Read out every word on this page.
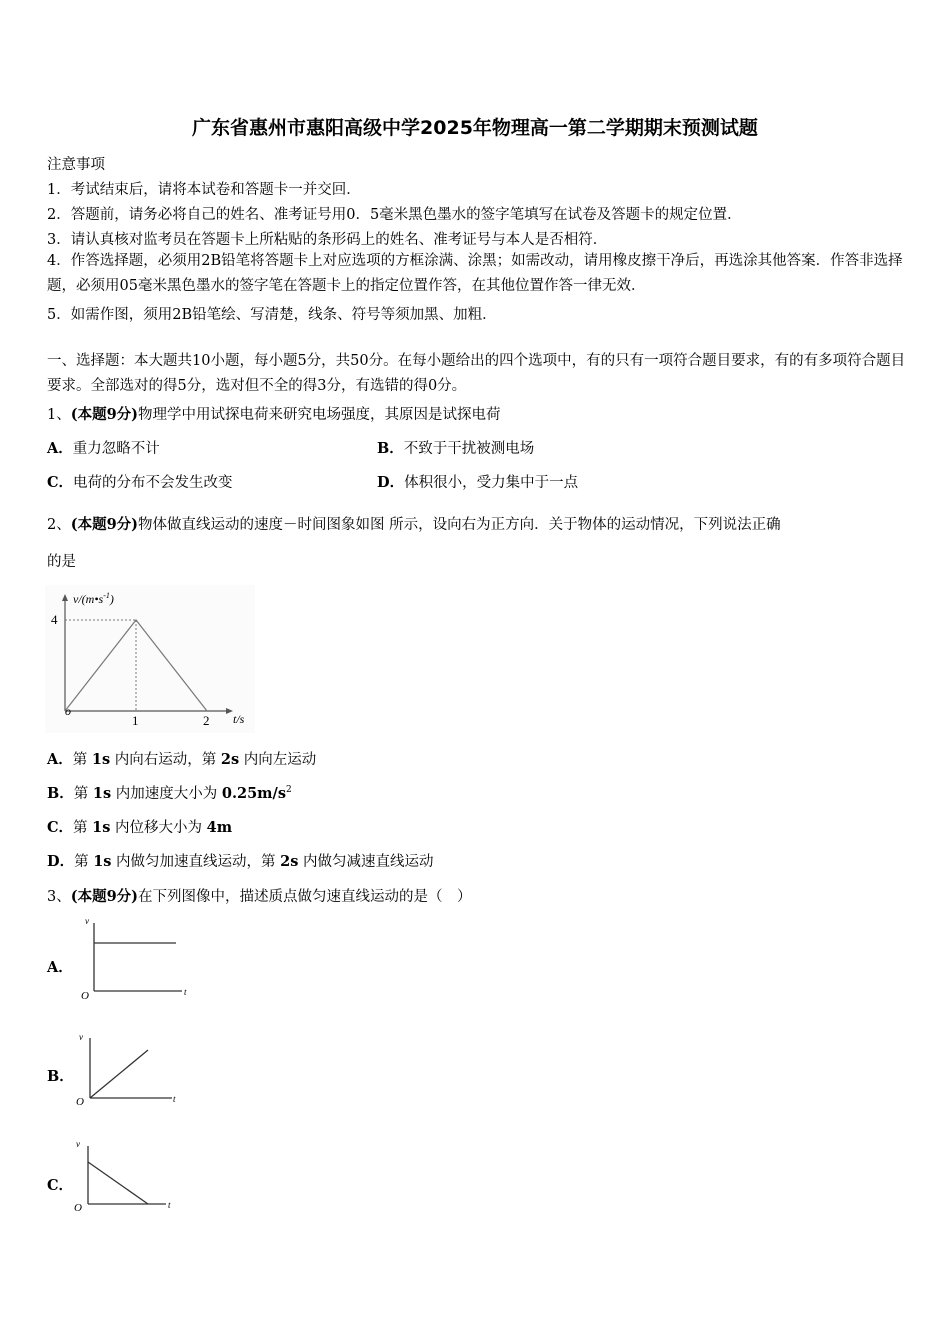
广东省惠州市惠阳高级中学2025年物理高一第二学期期末预测试题
注意事项
1．考试结束后，请将本试卷和答题卡一并交回．
2．答题前，请务必将自己的姓名、准考证号用0．5毫米黑色墨水的签字笔填写在试卷及答题卡的规定位置．
3．请认真核对监考员在答题卡上所粘贴的条形码上的姓名、准考证号与本人是否相符．
4．作答选择题，必须用2B铅笔将答题卡上对应选项的方框涂满、涂黑；如需改动，请用橡皮擦干净后，再选涂其他答案．作答非选择题，必须用05毫米黑色墨水的签字笔在答题卡上的指定位置作答，在其他位置作答一律无效．
5．如需作图，须用2B铅笔绘、写清楚，线条、符号等须加黑、加粗．
一、选择题：本大题共10小题，每小题5分，共50分。在每小题给出的四个选项中，有的只有一项符合题目要求，有的有多项符合题目要求。全部选对的得5分，选对但不全的得3分，有选错的得0分。
1、(本题9分)物理学中用试探电荷来研究电场强度，其原因是试探电荷
A．重力忽略不计	B．不致于干扰被测电场
C．电荷的分布不会发生改变	D．体积很小，受力集中于一点
2、(本题9分)物体做直线运动的速度－时间图象如图 所示，设向右为正方向．关于物体的运动情况，下列说法正确
的是
$v/(m•s^{-1})$
4
o
1	2 t/s
A．第 1s 内向右运动，第 2s 内向左运动
B．第 1s 内加速度大小为 $0.25m/s^2$
C．第 1s 内位移大小为 4m
D．第 1s 内做匀加速直线运动，第 2s 内做匀减速直线运动
3、(本题9分)在下列图像中，描述质点做匀速直线运动的是（　）
A．
v
t
O
B．
v
t
O
C．
v
t
O
